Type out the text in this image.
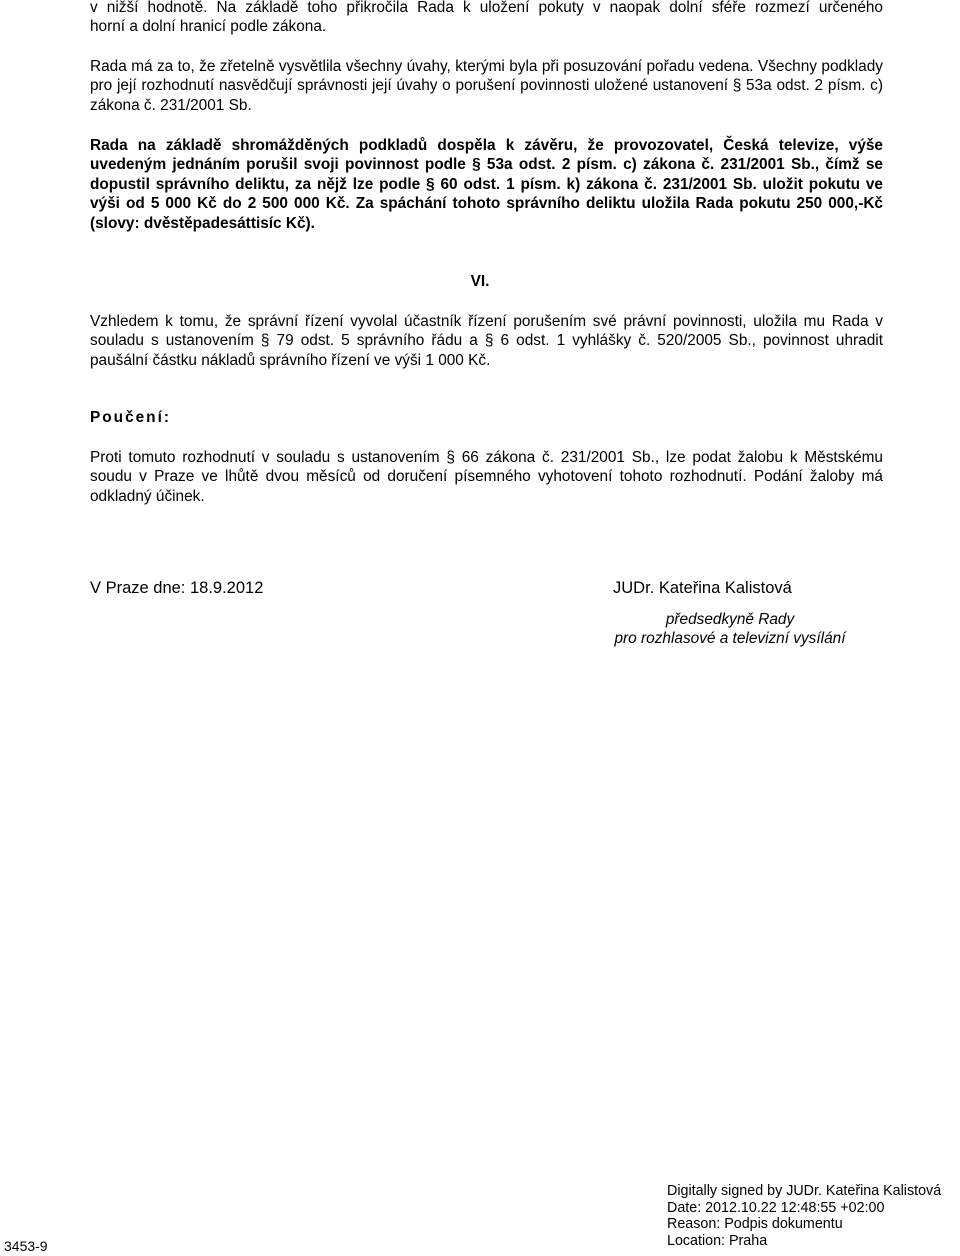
v nižší hodnotě. Na základě toho přikročila Rada k uložení pokuty v naopak dolní sféře rozmezí určeného
horní a dolní hranicí podle zákona.

Rada má za to, že zřetelně vysvětlila všechny úvahy, kterými byla při posuzování pořadu vedena. Všechny podklady pro její rozhodnutí nasvědčují správnosti její úvahy o porušení povinnosti uložené ustanovení § 53a odst. 2 písm. c) zákona č. 231/2001 Sb.

Rada na základě shromážděných podkladů dospěla k závěru, že provozovatel, Česká televize, výše uvedeným jednáním porušil svoji povinnost podle § 53a odst. 2 písm. c) zákona č. 231/2001 Sb., čímž se dopustil správního deliktu, za nějž lze podle § 60 odst. 1 písm. k) zákona č. 231/2001 Sb. uložit pokutu ve výši od 5 000 Kč do 2 500 000 Kč. Za spáchání tohoto správního deliktu uložila Rada pokutu 250 000,-Kč (slovy: dvěstěpadesáttisíc Kč).

VI.

Vzhledem k tomu, že správní řízení vyvolal účastník řízení porušením své právní povinnosti, uložila mu Rada v souladu s ustanovením § 79 odst. 5 správního řádu a § 6 odst. 1 vyhlášky č. 520/2005 Sb., povinnost uhradit paušální částku nákladů správního řízení ve výši 1 000 Kč.

Poučení:

Proti tomuto rozhodnutí v souladu s ustanovením § 66 zákona č. 231/2001 Sb., lze podat žalobu k Městskému soudu v Praze ve lhůtě dvou měsíců od doručení písemného vyhotovení tohoto rozhodnutí. Podání žaloby má odkladný účinek.

V Praze dne: 18.9.2012	JUDr. Kateřina Kalistová
předsedkyně Rady
pro rozhlasové a televizní vysílání
Digitally signed by JUDr. Kateřina Kalistová
Date: 2012.10.22 12:48:55 +02:00
Reason: Podpis dokumentu
Location: Praha
3453-9
